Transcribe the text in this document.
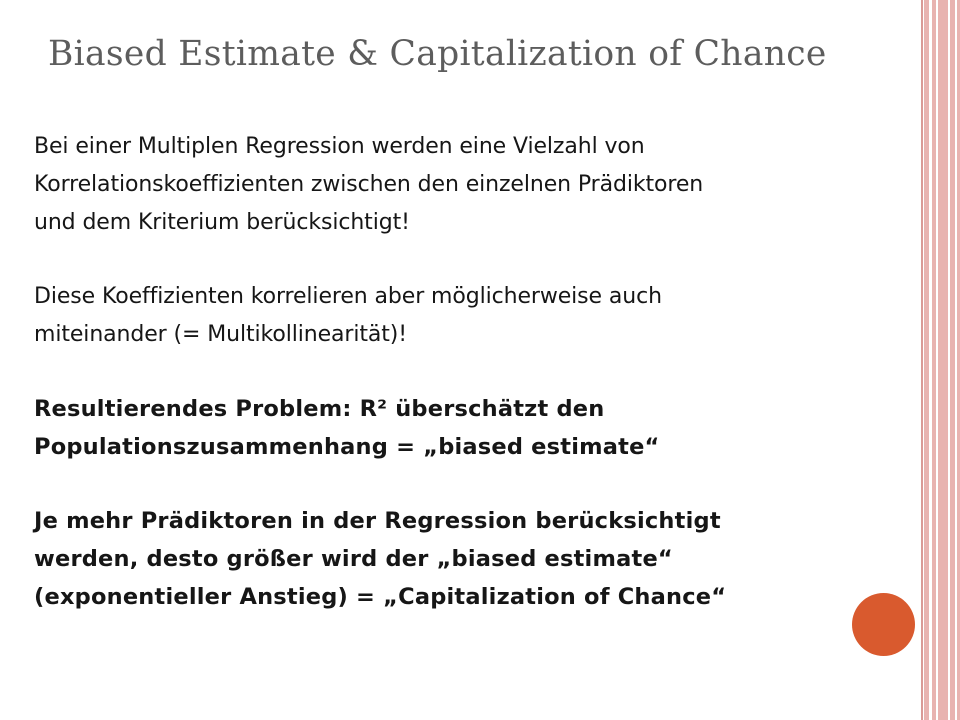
Biased Estimate & Capitalization of Chance

Bei einer Multiplen Regression werden eine Vielzahl von
Korrelationskoeffizienten zwischen den einzelnen Prädiktoren
und dem Kriterium berücksichtigt!

Diese Koeffizienten korrelieren aber möglicherweise auch
miteinander (= Multikollinearität)!

Resultierendes Problem: R² überschätzt den
Populationszusammenhang = „biased estimate“

Je mehr Prädiktoren in der Regression berücksichtigt
werden, desto größer wird der „biased estimate“
(exponentieller Anstieg) = „Capitalization of Chance“
